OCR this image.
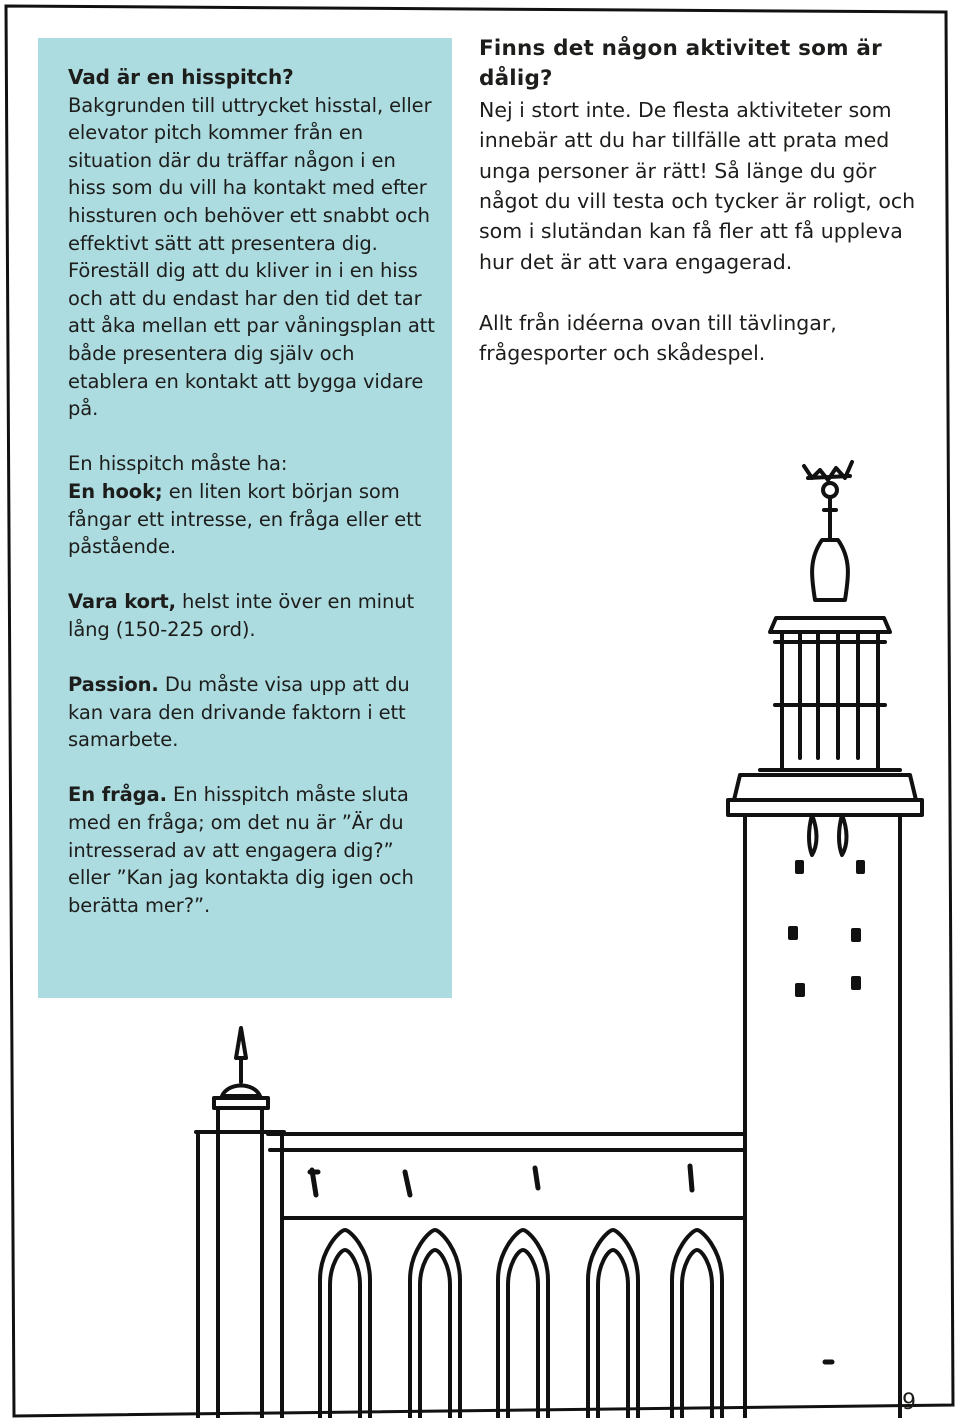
Vad är en hisspitch?
Bakgrunden till uttrycket hisstal, eller elevator pitch kommer från en situation där du träffar någon i en hiss som du vill ha kontakt med efter hissturen och behöver ett snabbt och effektivt sätt att presentera dig. Föreställ dig att du kliver in i en hiss och att du endast har den tid det tar att åka mellan ett par våningsplan att både presentera dig själv och etablera en kontakt att bygga vidare på.

En hisspitch måste ha:
En hook; en liten kort början som fångar ett intresse, en fråga eller ett påstående.

Vara kort, helst inte över en minut lång (150-225 ord).

Passion. Du måste visa upp att du kan vara den drivande faktorn i ett samarbete.

En fråga. En hisspitch måste sluta med en fråga; om det nu är ”Är du intresserad av att engagera dig?” eller ”Kan jag kontakta dig igen och berätta mer?”.

Finns det någon aktivitet som är dålig?

Nej i stort inte. De flesta aktiviteter som innebär att du har tillfälle att prata med unga personer är rätt! Så länge du gör något du vill testa och tycker är roligt, och som i slutändan kan få fler att få uppleva hur det är att vara engagerad.

Allt från idéerna ovan till tävlingar, frågesporter och skådespel.

9
